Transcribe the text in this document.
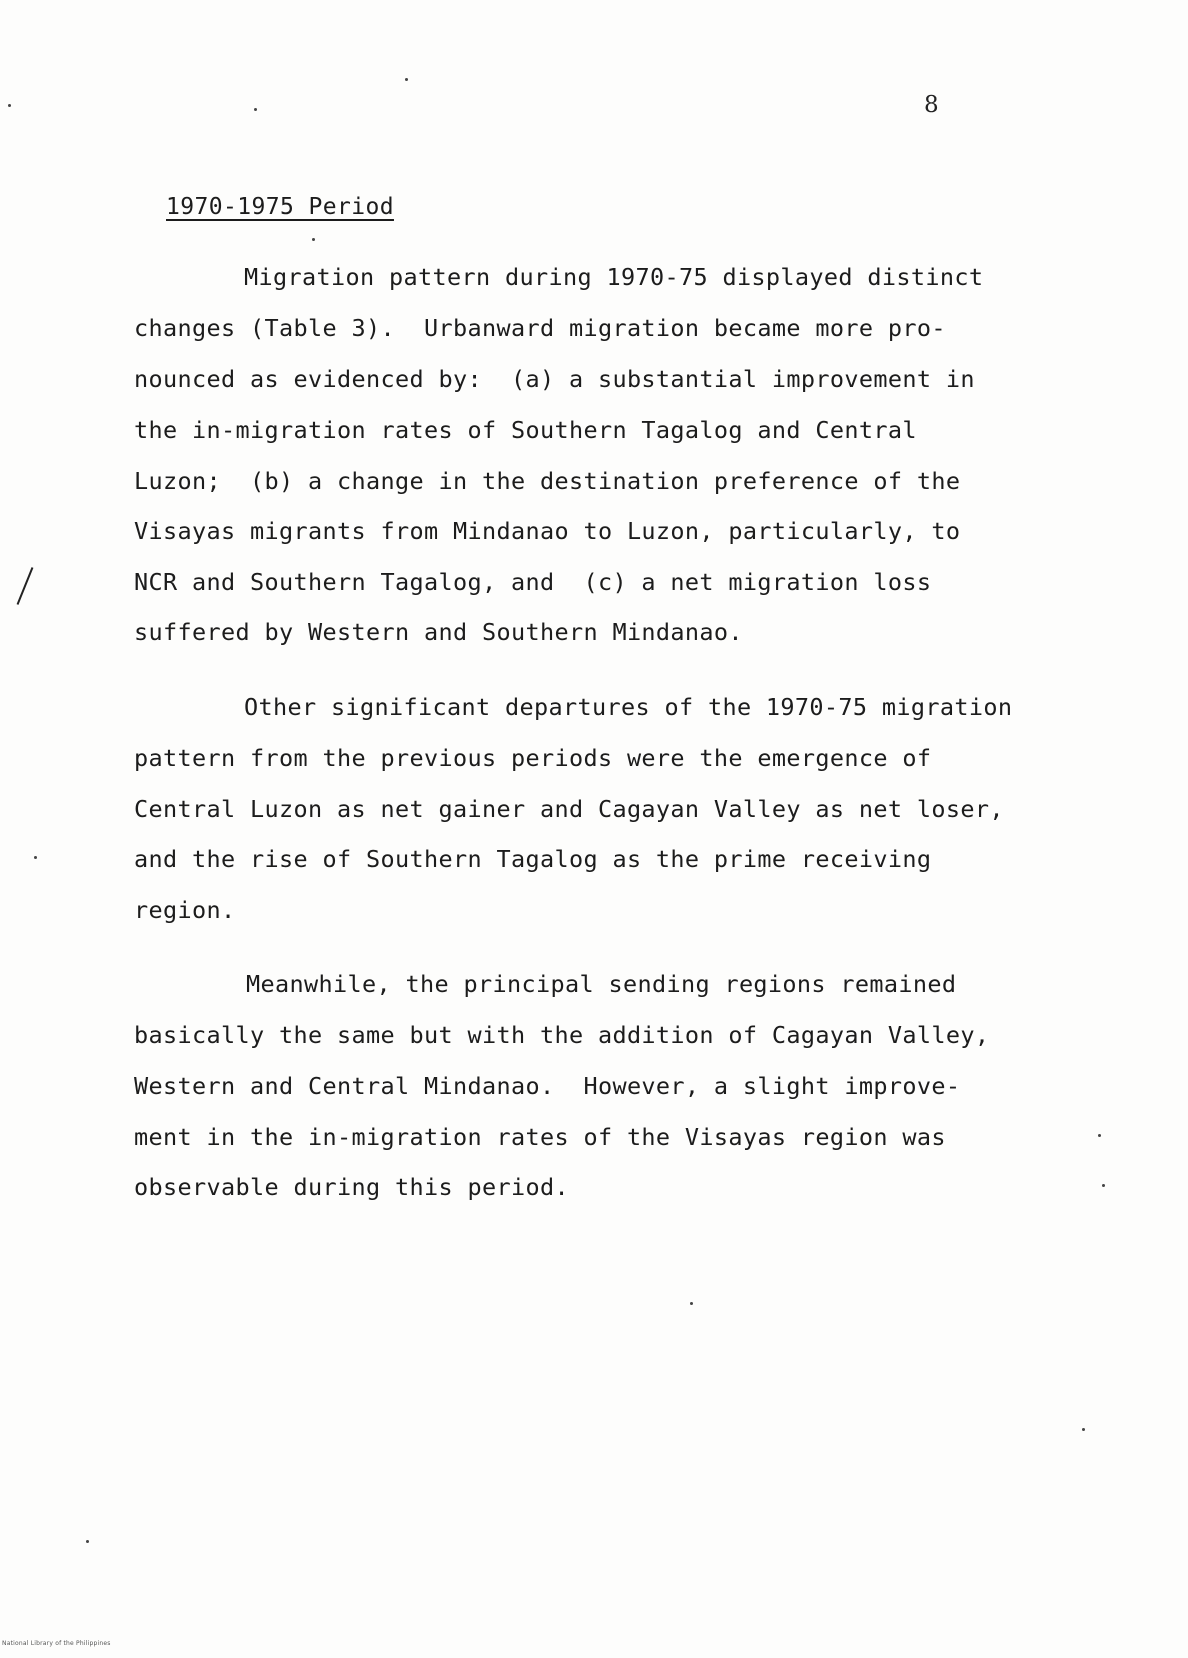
8
1970-1975 Period
Migration pattern during 1970-75 displayed distinct
changes (Table 3).  Urbanward migration became more pro-
nounced as evidenced by:  (a) a substantial improvement in
the in-migration rates of Southern Tagalog and Central
Luzon;  (b) a change in the destination preference of the
Visayas migrants from Mindanao to Luzon, particularly, to
NCR and Southern Tagalog, and  (c) a net migration loss
suffered by Western and Southern Mindanao.
Other significant departures of the 1970-75 migration
pattern from the previous periods were the emergence of
Central Luzon as net gainer and Cagayan Valley as net loser,
and the rise of Southern Tagalog as the prime receiving
region.
Meanwhile, the principal sending regions remained
basically the same but with the addition of Cagayan Valley,
Western and Central Mindanao.  However, a slight improve-
ment in the in-migration rates of the Visayas region was
observable during this period.
National Library of the Philippines
